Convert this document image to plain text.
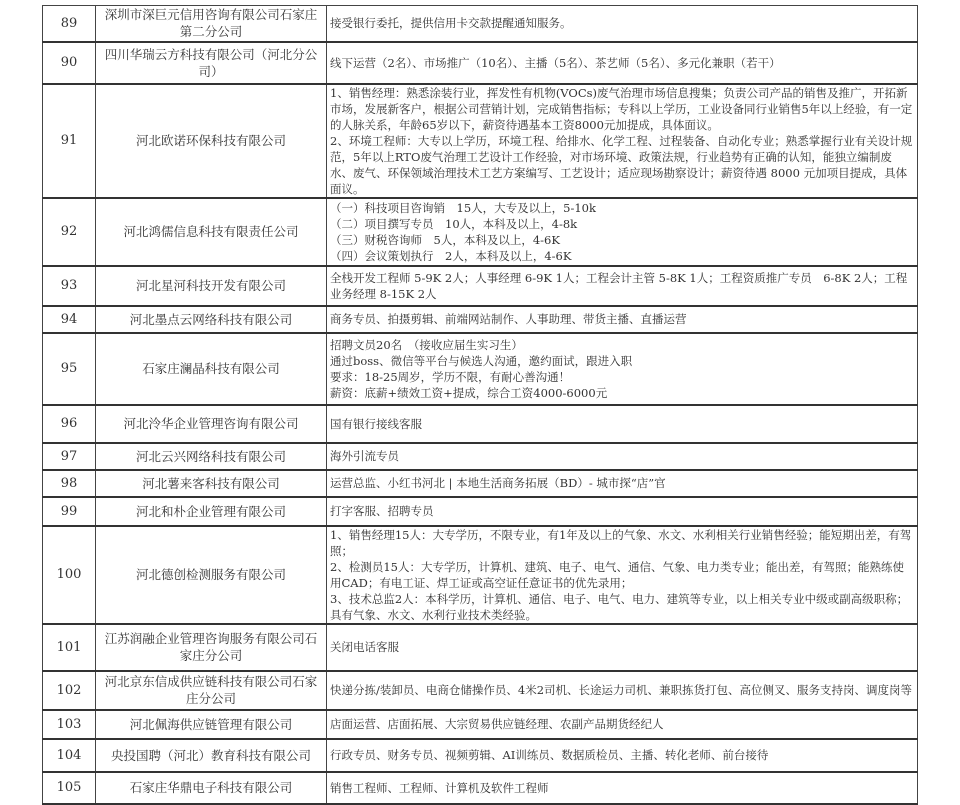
89	深圳市深巨元信用咨询有限公司石家庄第二分公司	接受银行委托，提供信用卡交款提醒通知服务。

90	四川华瑞云方科技有限公司（河北分公司）	线下运营（2名）、市场推广（10名）、主播（5名）、茶艺师（5名）、多元化兼职（若干）

91	河北欧诺环保科技有限公司	1、销售经理：熟悉涂装行业，挥发性有机物(VOCs)废气治理市场信息搜集；负责公司产品的销售及推广，开拓新市场，发展新客户，根据公司营销计划，完成销售指标；专科以上学历，工业设备同行业销售5年以上经验，有一定的人脉关系，年龄65岁以下，薪资待遇基本工资8000元加提成，具体面议。
2、环境工程师：大专以上学历，环境工程、给排水、化学工程、过程装备、自动化专业；熟悉掌握行业有关设计规范，5年以上RTO废气治理工艺设计工作经验，对市场环境、政策法规，行业趋势有正确的认知，能独立编制废水、废气、环保领域治理技术工艺方案编写、工艺设计；适应现场勘察设计；薪资待遇 8000 元加项目提成，具体面议。

92	河北鸿儒信息科技有限责任公司	（一）科技项目咨询销　15人，大专及以上，5-10k
（二）项目撰写专员　10人，本科及以上，4-8k
（三）财税咨询师　5人，本科及以上，4-6K
（四）会议策划执行　2人，本科及以上，4-6K

93	河北星河科技开发有限公司	全栈开发工程师 5-9K 2人；人事经理 6-9K 1人；工程会计主管 5-8K 1人；工程资质推广专员　6-8K 2人；工程业务经理 8-15K 2人

94	河北墨点云网络科技有限公司	商务专员、拍摄剪辑、前端网站制作、人事助理、带货主播、直播运营

95	石家庄澜晶科技有限公司	招聘文员20名　（接收应届生实习生）
通过boss、微信等平台与候选人沟通，邀约面试，跟进入职
要求：18-25周岁，学历不限，有耐心善沟通！
薪资：底薪+绩效工资+提成，综合工资4000-6000元

96	河北泠华企业管理咨询有限公司	国有银行接线客服

97	河北云兴网络科技有限公司	海外引流专员

98	河北薯来客科技有限公司	运营总监、小红书河北 | 本地生活商务拓展（BD）- 城市探“店”官

99	河北和朴企业管理有限公司	打字客服、招聘专员

100	河北德创检测服务有限公司	1、销售经理15人：大专学历，不限专业，有1年及以上的气象、水文、水利相关行业销售经验；能短期出差，有驾照；
2、检测员15人：大专学历，计算机、建筑、电子、电气、通信、气象、电力类专业；能出差，有驾照；能熟练使用CAD；有电工证、焊工证或高空证任意证书的优先录用；
3、技术总监2人：本科学历，计算机、通信、电子、电气、电力、建筑等专业，以上相关专业中级或副高级职称；具有气象、水文、水利行业技术类经验。

101	江苏润融企业管理咨询服务有限公司石家庄分公司	关闭电话客服

102	河北京东信成供应链科技有限公司石家庄分公司	快递分拣/装卸员、电商仓储操作员、4米2司机、长途运力司机、兼职拣货打包、高位侧叉、服务支持岗、调度岗等

103	河北佩海供应链管理有限公司	店面运营、店面拓展、大宗贸易供应链经理、农副产品期货经纪人

104	央投国聘（河北）教育科技有限公司	行政专员、财务专员、视频剪辑、AI训练员、数据质检员、主播、转化老师、前台接待

105	石家庄华鼎电子科技有限公司	销售工程师、工程师、计算机及软件工程师
